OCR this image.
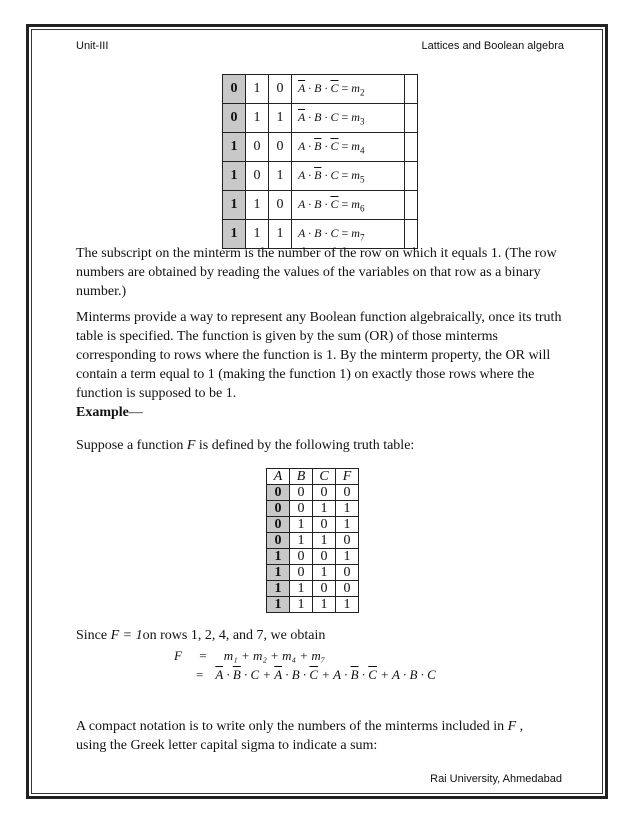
Unit-III	Lattices and Boolean algebra
0	1	0	$\overline{A} \cdot B \cdot \overline{C} = m_2$	
0	1	1	$\overline{A} \cdot B \cdot C = m_3$	
1	0	0	$A \cdot \overline{B} \cdot \overline{C} = m_4$	
1	0	1	$A \cdot \overline{B} \cdot C = m_5$	
1	1	0	$A \cdot B \cdot \overline{C} = m_6$	
1	1	1	$A \cdot B \cdot C = m_7$	
The subscript on the minterm is the number of the row on which it equals 1. (The row numbers are obtained by reading the values of the variables on that row as a binary number.)
Minterms provide a way to represent any Boolean function algebraically, once its truth table is specified. The function is given by the sum (OR) of those minterms corresponding to rows where the function is 1. By the minterm property, the OR will contain a term equal to 1 (making the function 1) on exactly those rows where the function is supposed to be 1.
Example—
Suppose a function F is defined by the following truth table:
A	B	C	F
0	0	0	0
0	0	1	1
0	1	0	1
0	1	1	0
1	0	0	1
1	0	1	0
1	1	0	0
1	1	1	1
Since F = 1on rows 1, 2, 4, and 7, we obtain
F = m₁ + m₂ + m₄ + m₇
= $\overline{A} \cdot \overline{B} \cdot C + \overline{A} \cdot B \cdot \overline{C} + A \cdot \overline{B} \cdot \overline{C} + A \cdot B \cdot C$
A compact notation is to write only the numbers of the minterms included in F ,
using the Greek letter capital sigma to indicate a sum:
Rai University, Ahmedabad
